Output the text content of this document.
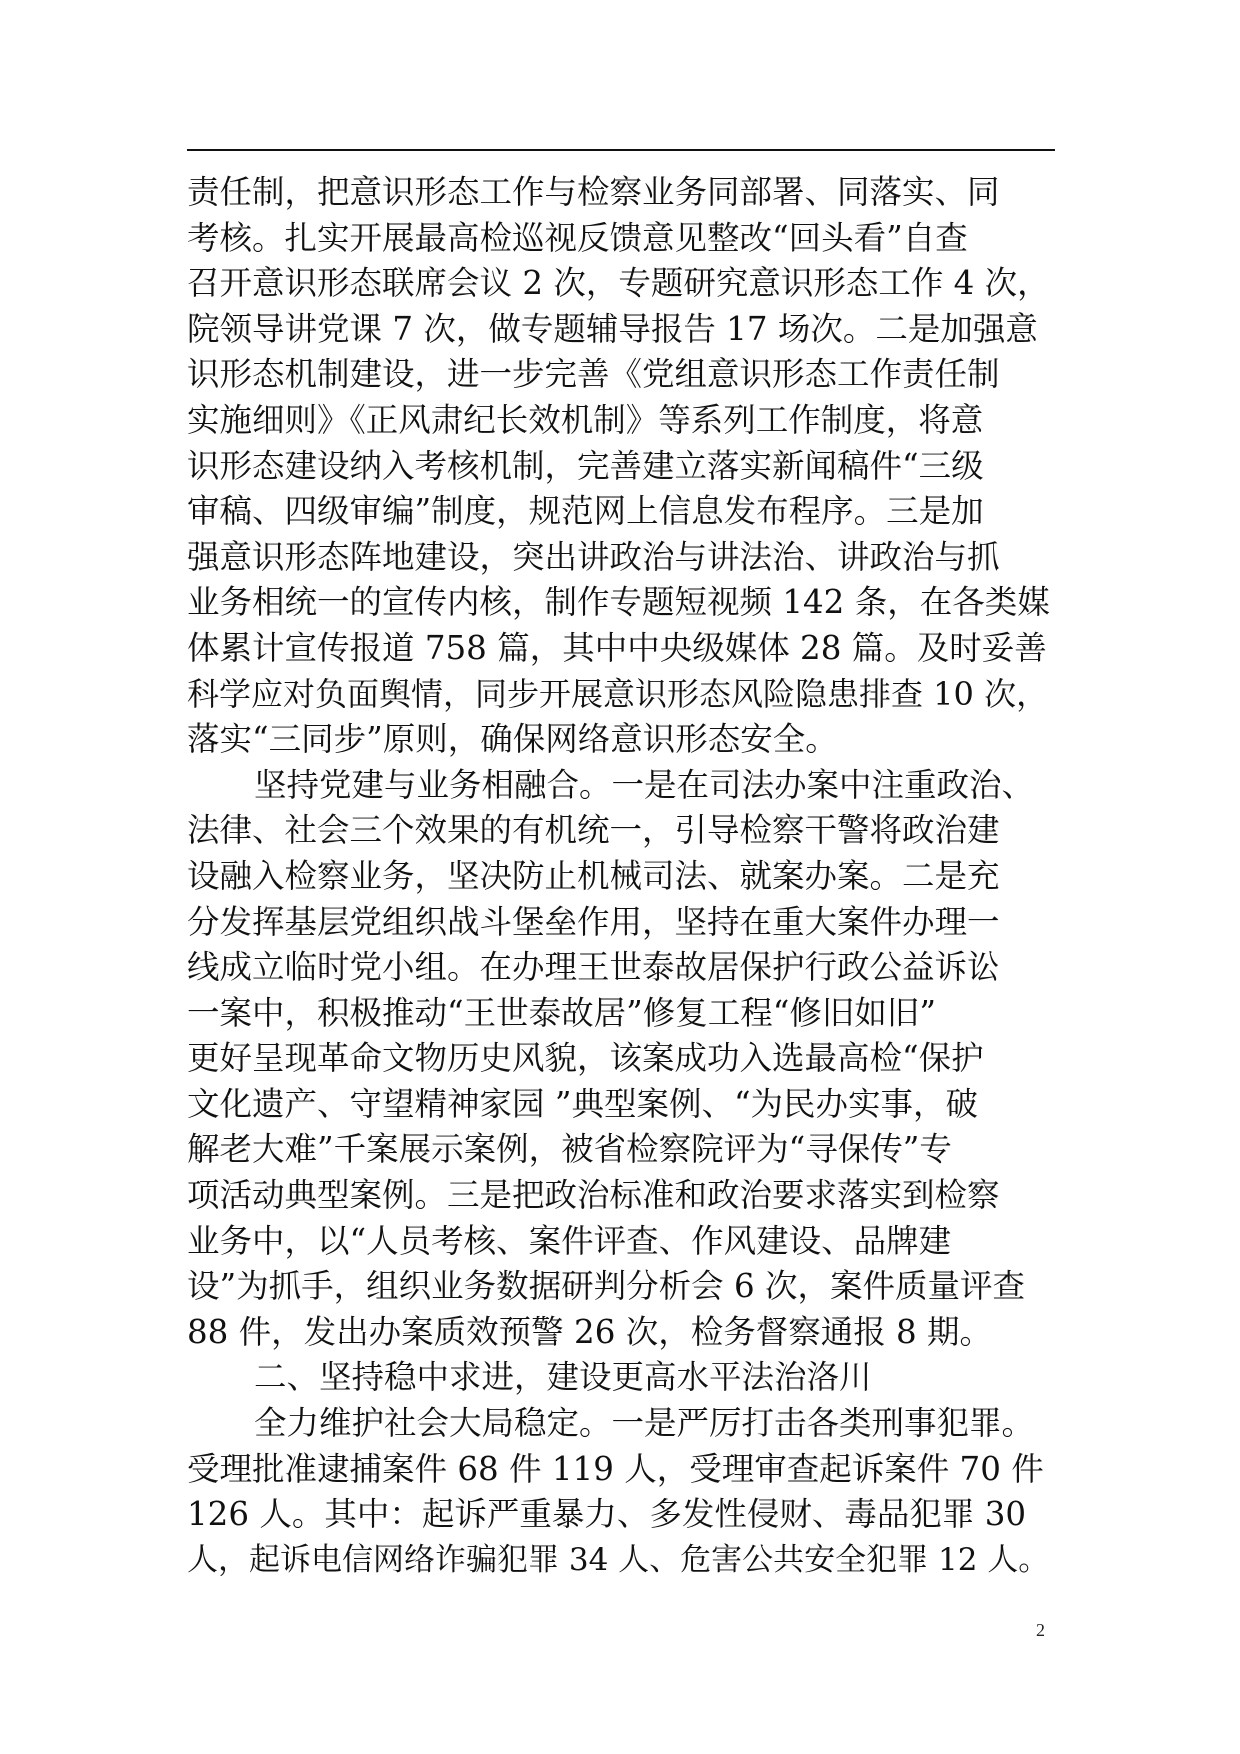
责任制，把意识形态工作与检察业务同部署、同落实、同
考核。扎实开展最高检巡视反馈意见整改“回头看”自查
召开意识形态联席会议 2 次，专题研究意识形态工作 4 次，
院领导讲党课 7 次，做专题辅导报告 17 场次。二是加强意
识形态机制建设，进一步完善《党组意识形态工作责任制
实施细则》《正风肃纪长效机制》等系列工作制度，将意
识形态建设纳入考核机制，完善建立落实新闻稿件“三级
审稿、四级审编”制度，规范网上信息发布程序。三是加
强意识形态阵地建设，突出讲政治与讲法治、讲政治与抓
业务相统一的宣传内核，制作专题短视频 142 条，在各类媒
体累计宣传报道 758 篇，其中中央级媒体 28 篇。及时妥善
科学应对负面舆情，同步开展意识形态风险隐患排查 10 次，
落实“三同步”原则，确保网络意识形态安全。
坚持党建与业务相融合。一是在司法办案中注重政治、
法律、社会三个效果的有机统一，引导检察干警将政治建
设融入检察业务，坚决防止机械司法、就案办案。二是充
分发挥基层党组织战斗堡垒作用，坚持在重大案件办理一
线成立临时党小组。在办理王世泰故居保护行政公益诉讼
一案中，积极推动“王世泰故居”修复工程“修旧如旧”
更好呈现革命文物历史风貌，该案成功入选最高检“保护
文化遗产、守望精神家园 ”典型案例、“为民办实事，破
解老大难”千案展示案例，被省检察院评为“寻保传”专
项活动典型案例。三是把政治标准和政治要求落实到检察
业务中，以“人员考核、案件评查、作风建设、品牌建
设”为抓手，组织业务数据研判分析会 6 次，案件质量评查
88 件，发出办案质效预警 26 次，检务督察通报 8 期。
二、坚持稳中求进，建设更高水平法治洛川
全力维护社会大局稳定。一是严厉打击各类刑事犯罪。
受理批准逮捕案件 68 件 119 人，受理审查起诉案件 70 件
126 人。其中：起诉严重暴力、多发性侵财、毒品犯罪 30
人，起诉电信网络诈骗犯罪 34 人、危害公共安全犯罪 12 人。
2
